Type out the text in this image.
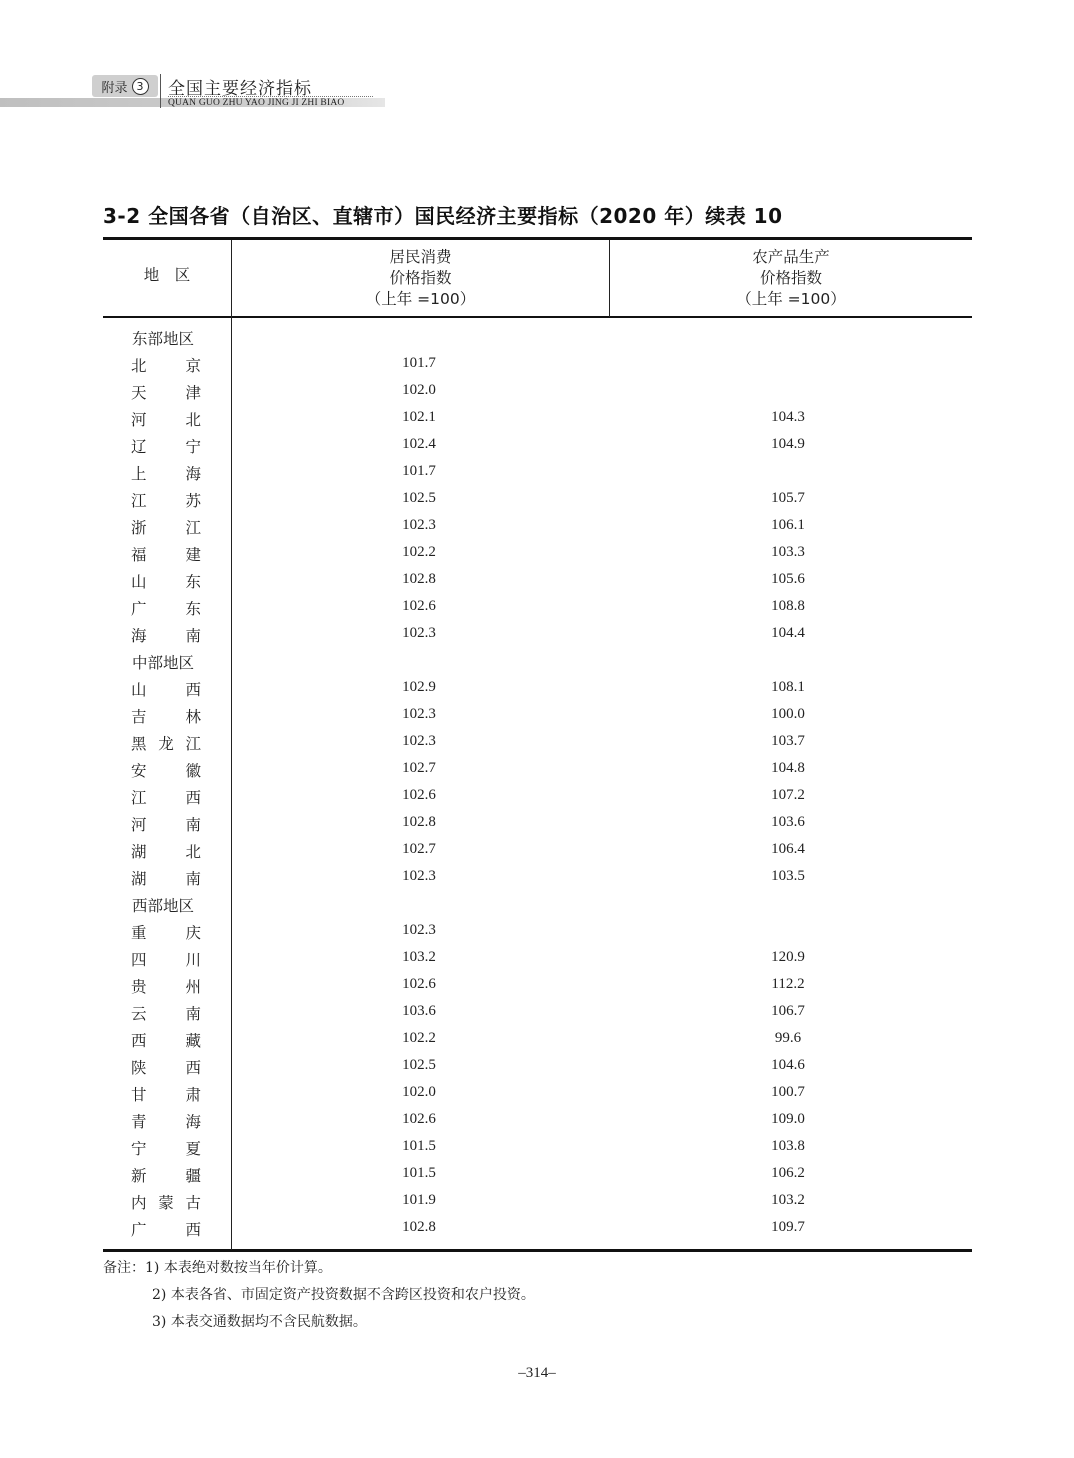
附录 3 全国主要经济指标
QUAN GUO ZHU YAO JING JI ZHI BIAO
3-2 全国各省（自治区、直辖市）国民经济主要指标（2020 年）续表 10
地　区
居民消费
价格指数
（上年 =100）
农产品生产
价格指数
（上年 =100）
东部地区
北	京	101.7
天	津	102.0
河	北	102.1	104.3
辽	宁	102.4	104.9
上	海	101.7
江	苏	102.5	105.7
浙	江	102.3	106.1
福	建	102.2	103.3
山	东	102.8	105.6
广	东	102.6	108.8
海	南	102.3	104.4
中部地区
山	西	102.9	108.1
吉	林	102.3	100.0
黑 龙 江	102.3	103.7
安	徽	102.7	104.8
江	西	102.6	107.2
河	南	102.8	103.6
湖	北	102.7	106.4
湖	南	102.3	103.5
西部地区
重	庆	102.3
四	川	103.2	120.9
贵	州	102.6	112.2
云	南	103.6	106.7
西	藏	102.2	99.6
陕	西	102.5	104.6
甘	肃	102.0	100.7
青	海	102.6	109.0
宁	夏	101.5	103.8
新	疆	101.5	106.2
内 蒙 古	101.9	103.2
广	西	102.8	109.7
备注：1) 本表绝对数按当年价计算。
2) 本表各省、市固定资产投资数据不含跨区投资和农户投资。
3) 本表交通数据均不含民航数据。
–314–
